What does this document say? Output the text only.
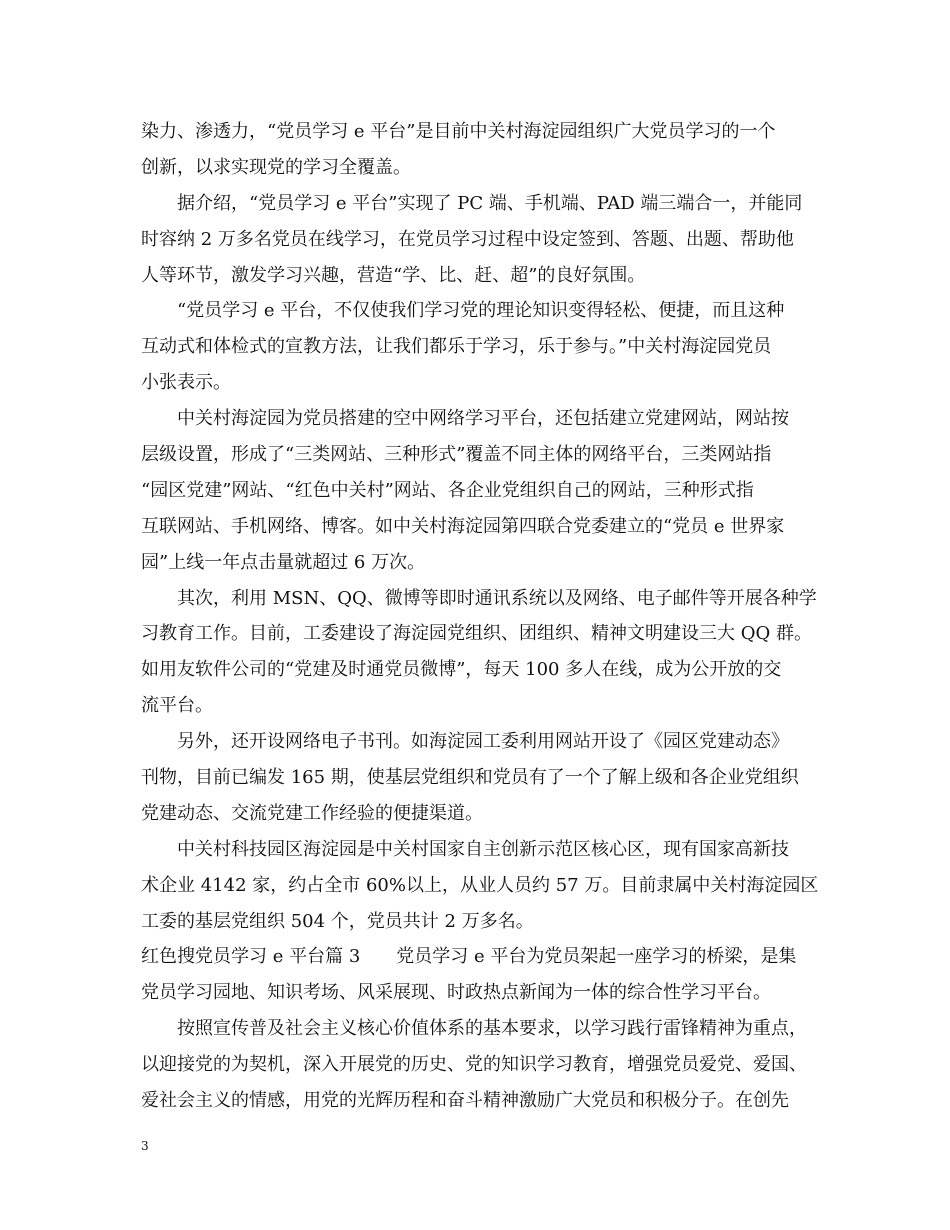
染力、渗透力，“党员学习 e 平台”是目前中关村海淀园组织广大党员学习的一个
创新，以求实现党的学习全覆盖。
　　据介绍，“党员学习 e 平台”实现了 PC 端、手机端、PAD 端三端合一，并能同
时容纳 2 万多名党员在线学习，在党员学习过程中设定签到、答题、出题、帮助他
人等环节，激发学习兴趣，营造“学、比、赶、超”的良好氛围。
　　“党员学习 e 平台，不仅使我们学习党的理论知识变得轻松、便捷，而且这种
互动式和体检式的宣教方法，让我们都乐于学习，乐于参与。”中关村海淀园党员
小张表示。
　　中关村海淀园为党员搭建的空中网络学习平台，还包括建立党建网站，网站按
层级设置，形成了“三类网站、三种形式”覆盖不同主体的网络平台，三类网站指
“园区党建”网站、“红色中关村”网站、各企业党组织自己的网站，三种形式指
互联网站、手机网络、博客。如中关村海淀园第四联合党委建立的“党员 e 世界家
园”上线一年点击量就超过 6 万次。
　　其次，利用 MSN、QQ、微博等即时通讯系统以及网络、电子邮件等开展各种学
习教育工作。目前，工委建设了海淀园党组织、团组织、精神文明建设三大 QQ 群。
如用友软件公司的“党建及时通党员微博”，每天 100 多人在线，成为公开放的交
流平台。
　　另外，还开设网络电子书刊。如海淀园工委利用网站开设了《园区党建动态》
刊物，目前已编发 165 期，使基层党组织和党员有了一个了解上级和各企业党组织
党建动态、交流党建工作经验的便捷渠道。
　　中关村科技园区海淀园是中关村国家自主创新示范区核心区，现有国家高新技
术企业 4142 家，约占全市 60%以上，从业人员约 57 万。目前隶属中关村海淀园区
工委的基层党组织 504 个，党员共计 2 万多名。
红色搜党员学习 e 平台篇 3　　党员学习 e 平台为党员架起一座学习的桥梁，是集
党员学习园地、知识考场、风采展现、时政热点新闻为一体的综合性学习平台。
　　按照宣传普及社会主义核心价值体系的基本要求，以学习践行雷锋精神为重点，
以迎接党的为契机，深入开展党的历史、党的知识学习教育，增强党员爱党、爱国、
爱社会主义的情感，用党的光辉历程和奋斗精神激励广大党员和积极分子。在创先
3
